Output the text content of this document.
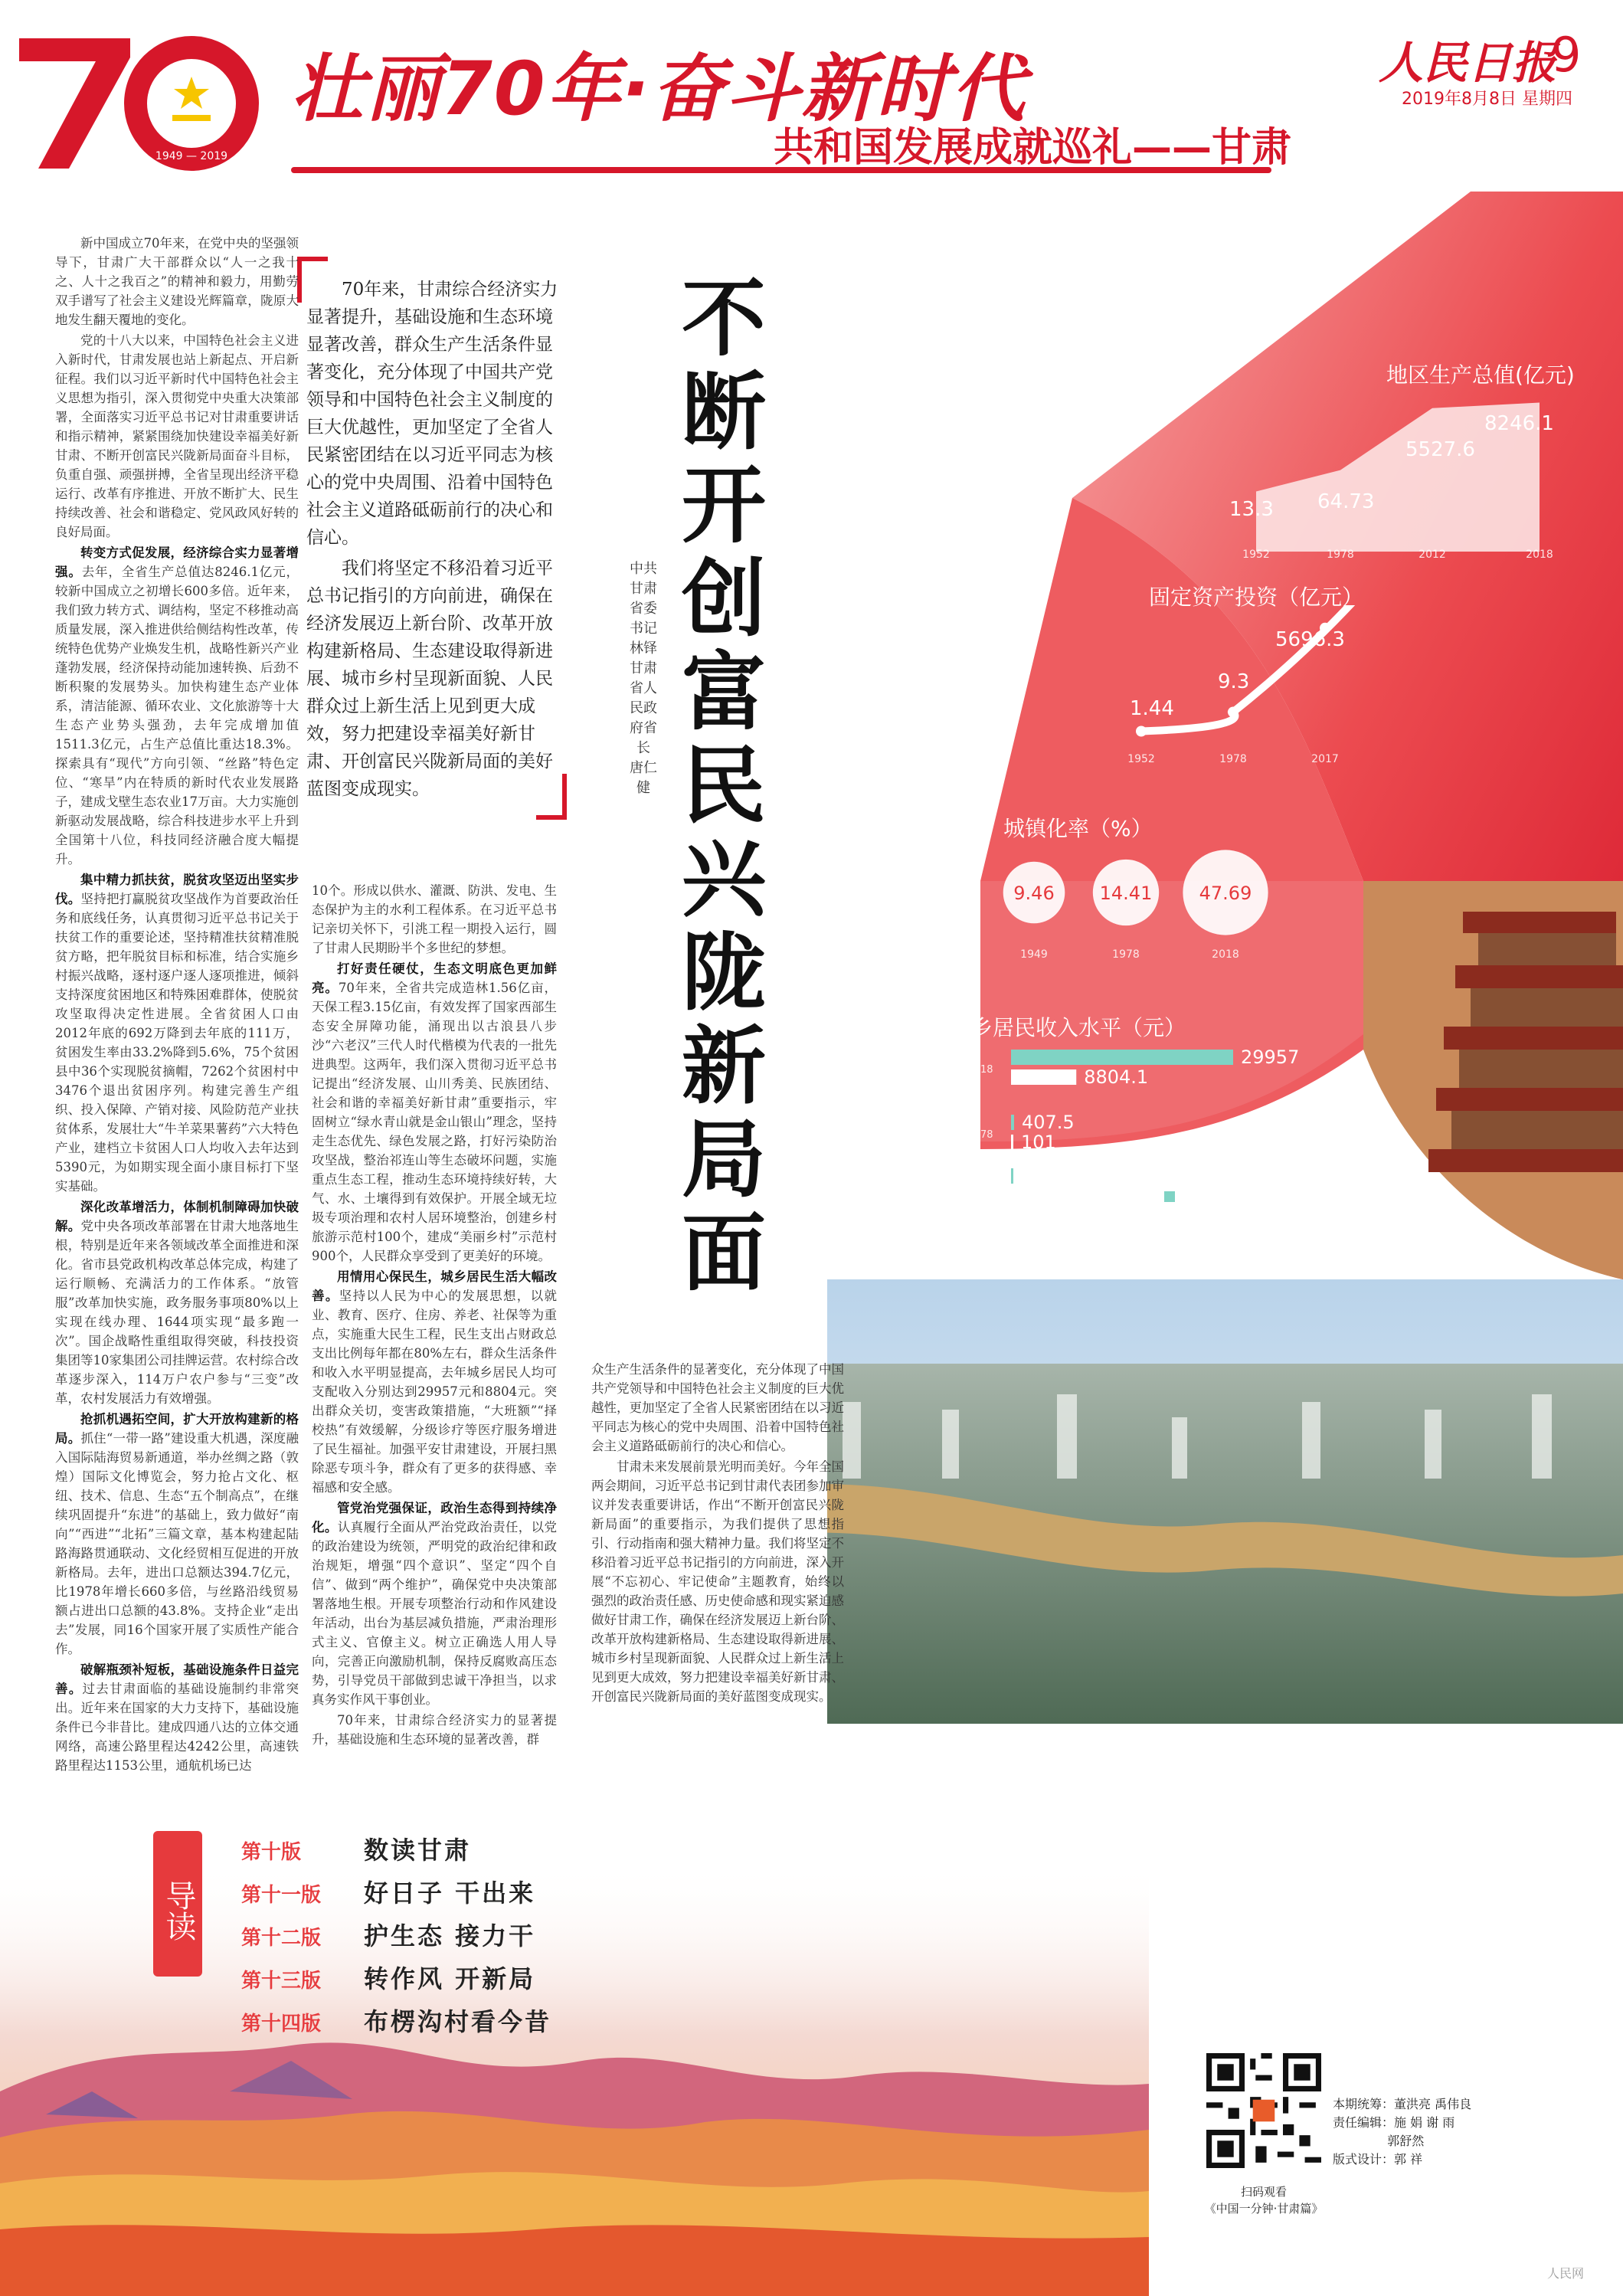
1949 — 2019
壮丽70年·奋斗新时代
共和国发展成就巡礼——甘肃
人民日报
9
2019年8月8日 星期四
地区生产总值(亿元)
1952	1978	2012	2018
13.3 64.73
5527.6
8246.1
固定资产投资（亿元）
1952	1978	2017
1.44
9.3
5696.3
城镇化率（%）
9.46
1949
14.41
1978
47.69
2018
城乡居民收入水平（元）
2018
29957
8804.1
1978
407.5
101
1952
157
55	城镇居民
农村居民
不断开创富民兴陇新局面
中共甘肃省委书记 林铎 甘肃省人民政府省长 唐仁健

70年来，甘肃综合经济实力显著提升，基础设施和生态环境显著改善，群众生产生活条件显著变化，充分体现了中国共产党领导和中国特色社会主义制度的巨大优越性，更加坚定了全省人民紧密团结在以习近平同志为核心的党中央周围、沿着中国特色社会主义道路砥砺前行的决心和信心。

我们将坚定不移沿着习近平总书记指引的方向前进，确保在经济发展迈上新台阶、改革开放构建新格局、生态建设取得新进展、城市乡村呈现新面貌、人民群众过上新生活上见到更大成效，努力把建设幸福美好新甘肃、开创富民兴陇新局面的美好蓝图变成现实。

新中国成立70年来，在党中央的坚强领导下，甘肃广大干部群众以“人一之我十之、人十之我百之”的精神和毅力，用勤劳双手谱写了社会主义建设光辉篇章，陇原大地发生翻天覆地的变化。

党的十八大以来，中国特色社会主义进入新时代，甘肃发展也站上新起点、开启新征程。我们以习近平新时代中国特色社会主义思想为指引，深入贯彻党中央重大决策部署，全面落实习近平总书记对甘肃重要讲话和指示精神，紧紧围绕加快建设幸福美好新甘肃、不断开创富民兴陇新局面奋斗目标，负重自强、顽强拼搏，全省呈现出经济平稳运行、改革有序推进、开放不断扩大、民生持续改善、社会和谐稳定、党风政风好转的良好局面。

转变方式促发展，经济综合实力显著增强。去年，全省生产总值达8246.1亿元，较新中国成立之初增长600多倍。近年来，我们致力转方式、调结构，坚定不移推动高质量发展，深入推进供给侧结构性改革，传统特色优势产业焕发生机，战略性新兴产业蓬勃发展，经济保持动能加速转换、后劲不断积聚的发展势头。加快构建生态产业体系，清洁能源、循环农业、文化旅游等十大生态产业势头强劲，去年完成增加值1511.3亿元，占生产总值比重达18.3%。探索具有“现代”方向引领、“丝路”特色定位、“寒旱”内在特质的新时代农业发展路子，建成戈壁生态农业17万亩。大力实施创新驱动发展战略，综合科技进步水平上升到全国第十八位，科技同经济融合度大幅提升。

集中精力抓扶贫，脱贫攻坚迈出坚实步伐。坚持把打赢脱贫攻坚战作为首要政治任务和底线任务，认真贯彻习近平总书记关于扶贫工作的重要论述，坚持精准扶贫精准脱贫方略，把年脱贫目标和标准，结合实施乡村振兴战略，逐村逐户逐人逐项推进，倾斜支持深度贫困地区和特殊困难群体，使脱贫攻坚取得决定性进展。全省贫困人口由2012年底的692万降到去年底的111万，贫困发生率由33.2%降到5.6%，75个贫困县中36个实现脱贫摘帽，7262个贫困村中3476个退出贫困序列。构建完善生产组织、投入保障、产销对接、风险防范产业扶贫体系，发展壮大“牛羊菜果薯药”六大特色产业，建档立卡贫困人口人均收入去年达到5390元，为如期实现全面小康目标打下坚实基础。

深化改革增活力，体制机制障碍加快破解。党中央各项改革部署在甘肃大地落地生根，特别是近年来各领域改革全面推进和深化。省市县党政机构改革总体完成，构建了运行顺畅、充满活力的工作体系。“放管服”改革加快实施，政务服务事项80%以上实现在线办理、1644项实现“最多跑一次”。国企战略性重组取得突破，科技投资集团等10家集团公司挂牌运营。农村综合改革逐步深入，114万户农户参与“三变”改革，农村发展活力有效增强。

抢抓机遇拓空间，扩大开放构建新的格局。抓住“一带一路”建设重大机遇，深度融入国际陆海贸易新通道，举办丝绸之路（敦煌）国际文化博览会，努力抢占文化、枢纽、技术、信息、生态“五个制高点”，在继续巩固提升“东进”的基础上，致力做好“南向”“西进”“北拓”三篇文章，基本构建起陆路海路贯通联动、文化经贸相互促进的开放新格局。去年，进出口总额达394.7亿元，比1978年增长660多倍，与丝路沿线贸易额占进出口总额的43.8%。支持企业“走出去”发展，同16个国家开展了实质性产能合作。

破解瓶颈补短板，基础设施条件日益完善。过去甘肃面临的基础设施制约非常突出。近年来在国家的大力支持下，基础设施条件已今非昔比。建成四通八达的立体交通网络，高速公路里程达4242公里，高速铁路里程达1153公里，通航机场已达

10个。形成以供水、灌溉、防洪、发电、生态保护为主的水利工程体系。在习近平总书记亲切关怀下，引洮工程一期投入运行，圆了甘肃人民期盼半个多世纪的梦想。

打好责任硬仗，生态文明底色更加鲜亮。70年来，全省共完成造林1.56亿亩，天保工程3.15亿亩，有效发挥了国家西部生态安全屏障功能，涌现出以古浪县八步沙“六老汉”三代人时代楷模为代表的一批先进典型。这两年，我们深入贯彻习近平总书记提出“经济发展、山川秀美、民族团结、社会和谐的幸福美好新甘肃”重要指示，牢固树立“绿水青山就是金山银山”理念，坚持走生态优先、绿色发展之路，打好污染防治攻坚战，整治祁连山等生态破坏问题，实施重点生态工程，推动生态环境持续好转，大气、水、土壤得到有效保护。开展全域无垃圾专项治理和农村人居环境整治，创建乡村旅游示范村100个，建成“美丽乡村”示范村900个，人民群众享受到了更美好的环境。

用情用心保民生，城乡居民生活大幅改善。坚持以人民为中心的发展思想，以就业、教育、医疗、住房、养老、社保等为重点，实施重大民生工程，民生支出占财政总支出比例每年都在80%左右，群众生活条件和收入水平明显提高，去年城乡居民人均可支配收入分别达到29957元和8804元。突出群众关切，变害政策措施，“大班额”“择校热”有效缓解，分级诊疗等医疗服务增进了民生福祉。加强平安甘肃建设，开展扫黑除恶专项斗争，群众有了更多的获得感、幸福感和安全感。

管党治党强保证，政治生态得到持续净化。认真履行全面从严治党政治责任，以党的政治建设为统领，严明党的政治纪律和政治规矩，增强“四个意识”、坚定“四个自信”、做到“两个维护”，确保党中央决策部署落地生根。开展专项整治行动和作风建设年活动，出台为基层减负措施，严肃治理形式主义、官僚主义。树立正确选人用人导向，完善正向激励机制，保持反腐败高压态势，引导党员干部做到忠诚干净担当，以求真务实作风干事创业。

70年来，甘肃综合经济实力的显著提升，基础设施和生态环境的显著改善，群

众生产生活条件的显著变化，充分体现了中国共产党领导和中国特色社会主义制度的巨大优越性，更加坚定了全省人民紧密团结在以习近平同志为核心的党中央周围、沿着中国特色社会主义道路砥砺前行的决心和信心。

甘肃未来发展前景光明而美好。今年全国两会期间，习近平总书记到甘肃代表团参加审议并发表重要讲话，作出“不断开创富民兴陇新局面”的重要指示，为我们提供了思想指引、行动指南和强大精神力量。我们将坚定不移沿着习近平总书记指引的方向前进，深入开展“不忘初心、牢记使命”主题教育，始终以强烈的政治责任感、历史使命感和现实紧迫感做好甘肃工作，确保在经济发展迈上新台阶、改革开放构建新格局、生态建设取得新进展、城市乡村呈现新面貌、人民群众过上新生活上见到更大成效，努力把建设幸福美好新甘肃、开创富民兴陇新局面的美好蓝图变成现实。

导读
第十版	数读甘肃
第十一版 好日子 干出来
第十二版 护生态 接力干
第十三版 转作风 开新局
第十四版 布楞沟村看今昔
本期统筹：董洪亮 禹伟良
责任编辑：施 娟 谢 雨
郭舒然
版式设计：郭 祥
扫码观看
《中国一分钟·甘肃篇》
人民网
